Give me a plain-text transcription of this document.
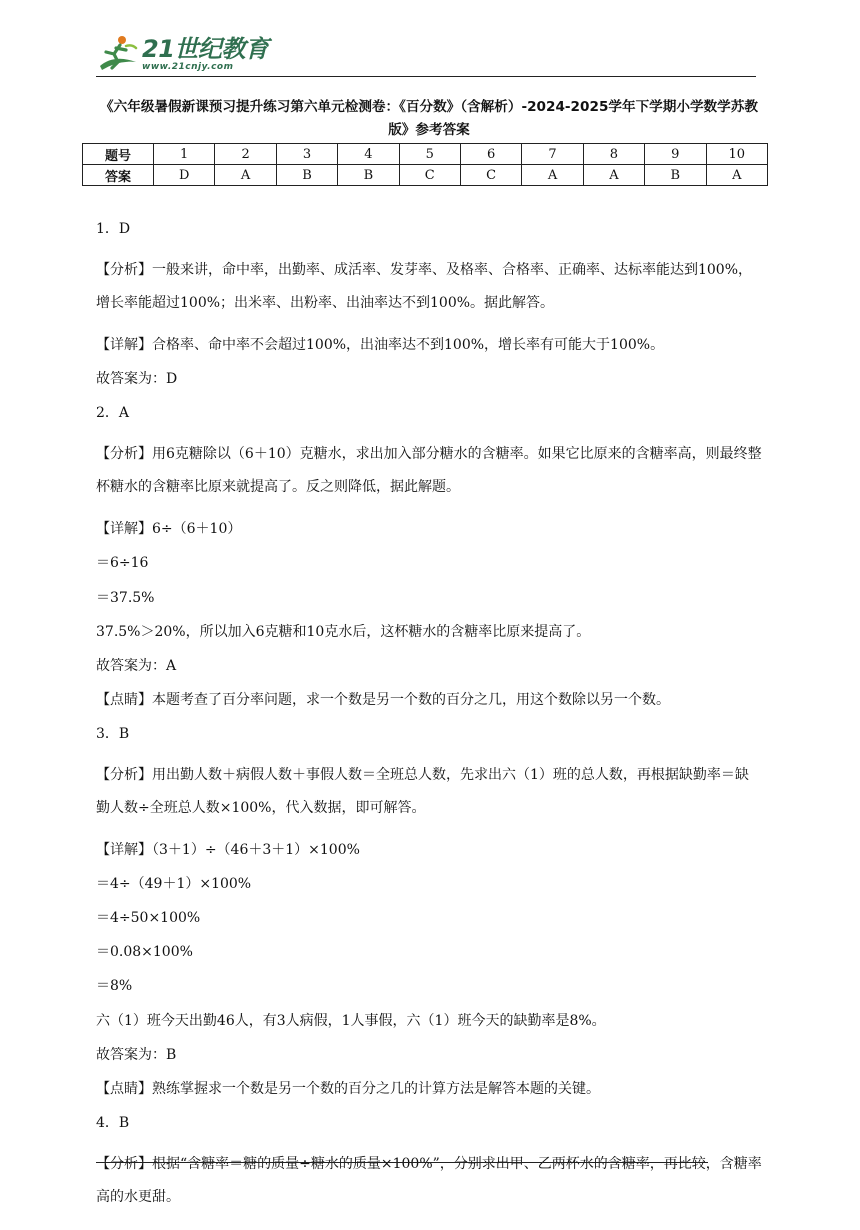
21世纪教育
www.21cnjy.com
《六年级暑假新课预习提升练习第六单元检测卷：《百分数》（含解析）-2024-2025学年下学期小学数学苏教版》参考答案
题号	1	2	3	4	5	6	7	8	9	10
答案	D	A	B	B	C	C	A	A	B	A
1．D
【分析】一般来讲，命中率，出勤率、成活率、发芽率、及格率、合格率、正确率、达标率能达到100%，增长率能超过100%；出米率、出粉率、出油率达不到100%。据此解答。
【详解】合格率、命中率不会超过100%，出油率达不到100%，增长率有可能大于100%。
故答案为：D
2．A
【分析】用6克糖除以（6＋10）克糖水，求出加入部分糖水的含糖率。如果它比原来的含糖率高，则最终整杯糖水的含糖率比原来就提高了。反之则降低，据此解题。
【详解】6÷（6＋10）
＝6÷16
＝37.5%
37.5%＞20%，所以加入6克糖和10克水后，这杯糖水的含糖率比原来提高了。
故答案为：A
【点睛】本题考查了百分率问题，求一个数是另一个数的百分之几，用这个数除以另一个数。
3．B
【分析】用出勤人数＋病假人数＋事假人数＝全班总人数，先求出六（1）班的总人数，再根据缺勤率＝缺勤人数÷全班总人数×100%，代入数据，即可解答。
【详解】（3＋1）÷（46＋3＋1）×100%
＝4÷（49＋1）×100%
＝4÷50×100%
＝0.08×100%
＝8%
六（1）班今天出勤46人，有3人病假，1人事假，六（1）班今天的缺勤率是8%。
故答案为：B
【点睛】熟练掌握求一个数是另一个数的百分之几的计算方法是解答本题的关键。
4．B
【分析】根据“含糖率＝糖的质量÷糖水的质量×100%”，分别求出甲、乙两杯水的含糖率，再比较，含糖率高的水更甜。
